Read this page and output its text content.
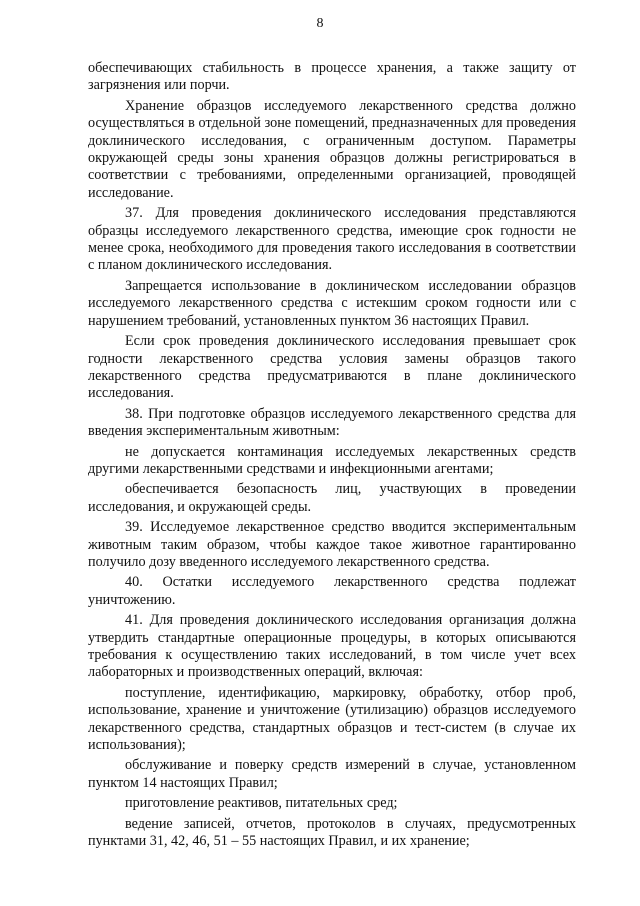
8

обеспечивающих стабильность в процессе хранения, а также защиту от загрязнения или порчи.

Хранение образцов исследуемого лекарственного средства должно осуществляться в отдельной зоне помещений, предназначенных для проведения доклинического исследования, с ограниченным доступом. Параметры окружающей среды зоны хранения образцов должны регистрироваться в соответствии с требованиями, определенными организацией, проводящей исследование.

37. Для проведения доклинического исследования представляются образцы исследуемого лекарственного средства, имеющие срок годности не менее срока, необходимого для проведения такого исследования в соответствии с планом доклинического исследования.

Запрещается использование в доклиническом исследовании образцов исследуемого лекарственного средства с истекшим сроком годности или с нарушением требований, установленных пунктом 36 настоящих Правил.

Если срок проведения доклинического исследования превышает срок годности лекарственного средства условия замены образцов такого лекарственного средства предусматриваются в плане доклинического исследования.

38. При подготовке образцов исследуемого лекарственного средства для введения экспериментальным животным:

не допускается контаминация исследуемых лекарственных средств другими лекарственными средствами и инфекционными агентами;

обеспечивается безопасность лиц, участвующих в проведении исследования, и окружающей среды.

39. Исследуемое лекарственное средство вводится экспериментальным животным таким образом, чтобы каждое такое животное гарантированно получило дозу введенного исследуемого лекарственного средства.

40. Остатки исследуемого лекарственного средства подлежат уничтожению.

41. Для проведения доклинического исследования организация должна утвердить стандартные операционные процедуры, в которых описываются требования к осуществлению таких исследований, в том числе учет всех лабораторных и производственных операций, включая:

поступление, идентификацию, маркировку, обработку, отбор проб, использование, хранение и уничтожение (утилизацию) образцов исследуемого лекарственного средства, стандартных образцов и тест-систем (в случае их использования);

обслуживание и поверку средств измерений в случае, установленном пунктом 14 настоящих Правил;

приготовление реактивов, питательных сред;

ведение записей, отчетов, протоколов в случаях, предусмотренных пунктами 31, 42, 46, 51 – 55 настоящих Правил, и их хранение;
